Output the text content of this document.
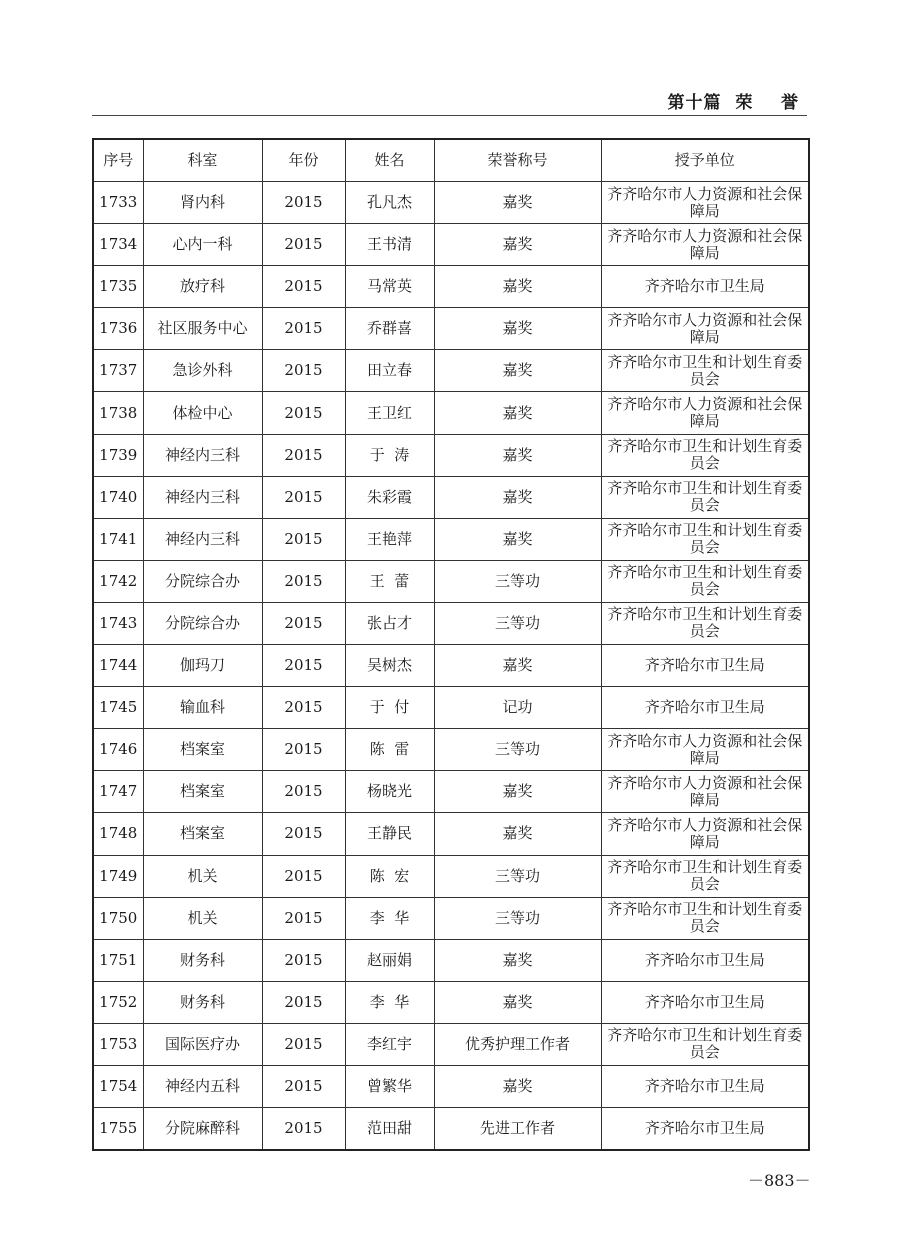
第十篇  荣    誉
序号	科室	年份	姓名	荣誉称号	授予单位
1733	肾内科	2015	孔凡杰	嘉奖	齐齐哈尔市人力资源和社会保障局
1734	心内一科	2015	王书清	嘉奖	齐齐哈尔市人力资源和社会保障局
1735	放疗科	2015	马常英	嘉奖	齐齐哈尔市卫生局
1736	社区服务中心	2015	乔群喜	嘉奖	齐齐哈尔市人力资源和社会保障局
1737	急诊外科	2015	田立春	嘉奖	齐齐哈尔市卫生和计划生育委员会
1738	体检中心	2015	王卫红	嘉奖	齐齐哈尔市人力资源和社会保障局
1739	神经内三科	2015	于  涛	嘉奖	齐齐哈尔市卫生和计划生育委员会
1740	神经内三科	2015	朱彩霞	嘉奖	齐齐哈尔市卫生和计划生育委员会
1741	神经内三科	2015	王艳萍	嘉奖	齐齐哈尔市卫生和计划生育委员会
1742	分院综合办	2015	王  蕾	三等功	齐齐哈尔市卫生和计划生育委员会
1743	分院综合办	2015	张占才	三等功	齐齐哈尔市卫生和计划生育委员会
1744	伽玛刀	2015	吴树杰	嘉奖	齐齐哈尔市卫生局
1745	输血科	2015	于  付	记功	齐齐哈尔市卫生局
1746	档案室	2015	陈  雷	三等功	齐齐哈尔市人力资源和社会保障局
1747	档案室	2015	杨晓光	嘉奖	齐齐哈尔市人力资源和社会保障局
1748	档案室	2015	王静民	嘉奖	齐齐哈尔市人力资源和社会保障局
1749	机关	2015	陈  宏	三等功	齐齐哈尔市卫生和计划生育委员会
1750	机关	2015	李  华	三等功	齐齐哈尔市卫生和计划生育委员会
1751	财务科	2015	赵丽娟	嘉奖	齐齐哈尔市卫生局
1752	财务科	2015	李  华	嘉奖	齐齐哈尔市卫生局
1753	国际医疗办	2015	李红宇	优秀护理工作者	齐齐哈尔市卫生和计划生育委员会
1754	神经内五科	2015	曾繁华	嘉奖	齐齐哈尔市卫生局
1755	分院麻醉科	2015	范田甜	先进工作者	齐齐哈尔市卫生局
－883－
